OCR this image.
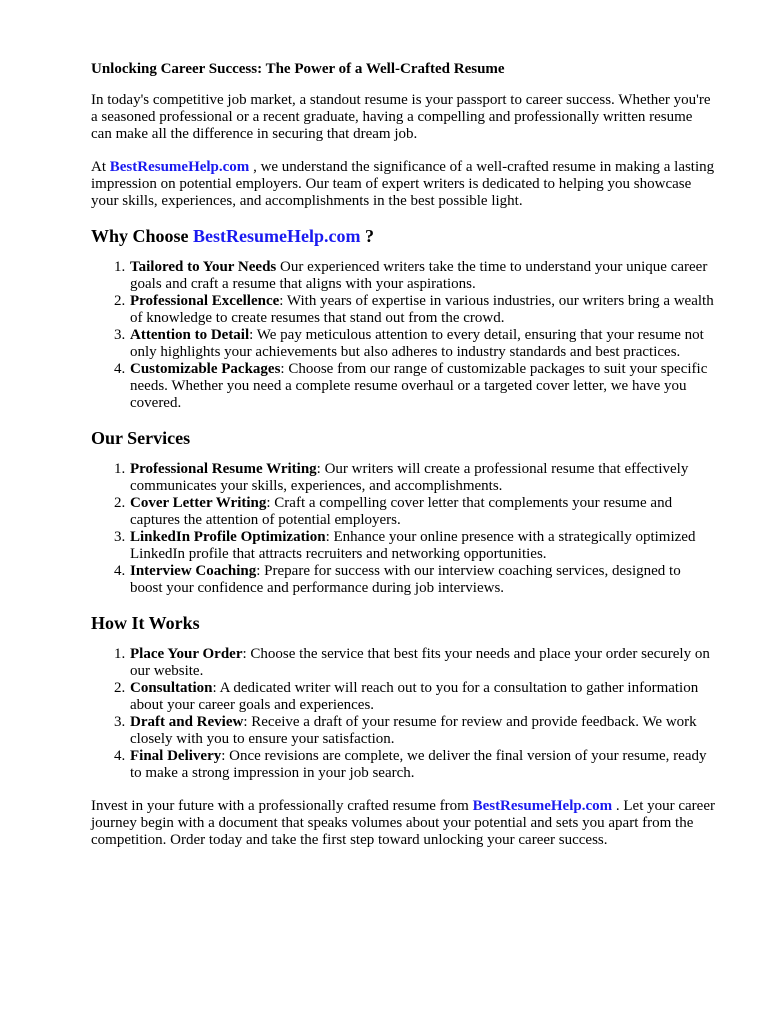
Unlocking Career Success: The Power of a Well-Crafted Resume

In today's competitive job market, a standout resume is your passport to career success. Whether you're a seasoned professional or a recent graduate, having a compelling and professionally written resume can make all the difference in securing that dream job.

At BestResumeHelp.com , we understand the significance of a well-crafted resume in making a lasting impression on potential employers. Our team of expert writers is dedicated to helping you showcase your skills, experiences, and accomplishments in the best possible light.

Why Choose BestResumeHelp.com ?
1. Tailored to Your Needs Our experienced writers take the time to understand your unique career goals and craft a resume that aligns with your aspirations.
2. Professional Excellence: With years of expertise in various industries, our writers bring a wealth of knowledge to create resumes that stand out from the crowd.
3. Attention to Detail: We pay meticulous attention to every detail, ensuring that your resume not only highlights your achievements but also adheres to industry standards and best practices.
4. Customizable Packages: Choose from our range of customizable packages to suit your specific needs. Whether you need a complete resume overhaul or a targeted cover letter, we have you covered.
Our Services
1. Professional Resume Writing: Our writers will create a professional resume that effectively communicates your skills, experiences, and accomplishments.
2. Cover Letter Writing: Craft a compelling cover letter that complements your resume and captures the attention of potential employers.
3. LinkedIn Profile Optimization: Enhance your online presence with a strategically optimized LinkedIn profile that attracts recruiters and networking opportunities.
4. Interview Coaching: Prepare for success with our interview coaching services, designed to boost your confidence and performance during job interviews.
How It Works
1. Place Your Order: Choose the service that best fits your needs and place your order securely on our website.
2. Consultation: A dedicated writer will reach out to you for a consultation to gather information about your career goals and experiences.
3. Draft and Review: Receive a draft of your resume for review and provide feedback. We work closely with you to ensure your satisfaction.
4. Final Delivery: Once revisions are complete, we deliver the final version of your resume, ready to make a strong impression in your job search.

Invest in your future with a professionally crafted resume from BestResumeHelp.com . Let your career journey begin with a document that speaks volumes about your potential and sets you apart from the competition. Order today and take the first step toward unlocking your career success.
